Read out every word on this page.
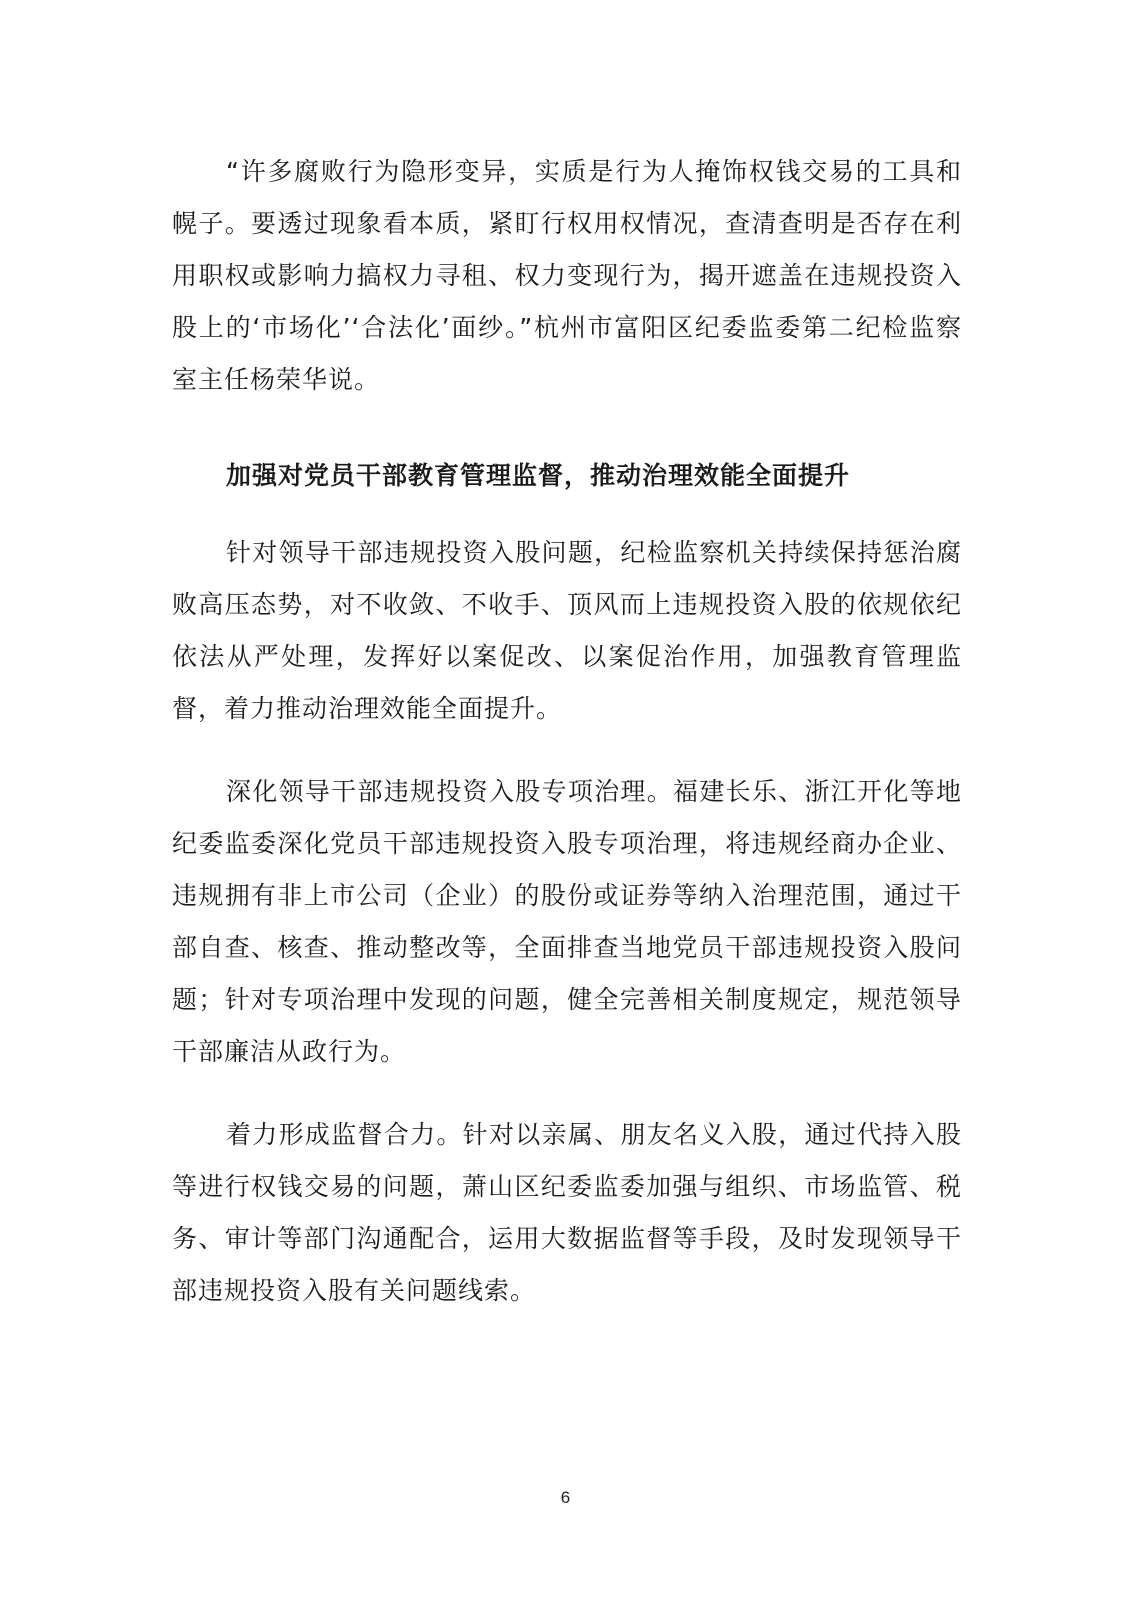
“许多腐败行为隐形变异，实质是行为人掩饰权钱交易的工具和幌子。要透过现象看本质，紧盯行权用权情况，查清查明是否存在利用职权或影响力搞权力寻租、权力变现行为，揭开遮盖在违规投资入股上的‘市场化’‘合法化’面纱。”杭州市富阳区纪委监委第二纪检监察室主任杨荣华说。

加强对党员干部教育管理监督，推动治理效能全面提升

针对领导干部违规投资入股问题，纪检监察机关持续保持惩治腐败高压态势，对不收敛、不收手、顶风而上违规投资入股的依规依纪依法从严处理，发挥好以案促改、以案促治作用，加强教育管理监督，着力推动治理效能全面提升。

深化领导干部违规投资入股专项治理。福建长乐、浙江开化等地纪委监委深化党员干部违规投资入股专项治理，将违规经商办企业、违规拥有非上市公司（企业）的股份或证券等纳入治理范围，通过干部自查、核查、推动整改等，全面排查当地党员干部违规投资入股问题；针对专项治理中发现的问题，健全完善相关制度规定，规范领导干部廉洁从政行为。

着力形成监督合力。针对以亲属、朋友名义入股，通过代持入股等进行权钱交易的问题，萧山区纪委监委加强与组织、市场监管、税务、审计等部门沟通配合，运用大数据监督等手段，及时发现领导干部违规投资入股有关问题线索。

6
